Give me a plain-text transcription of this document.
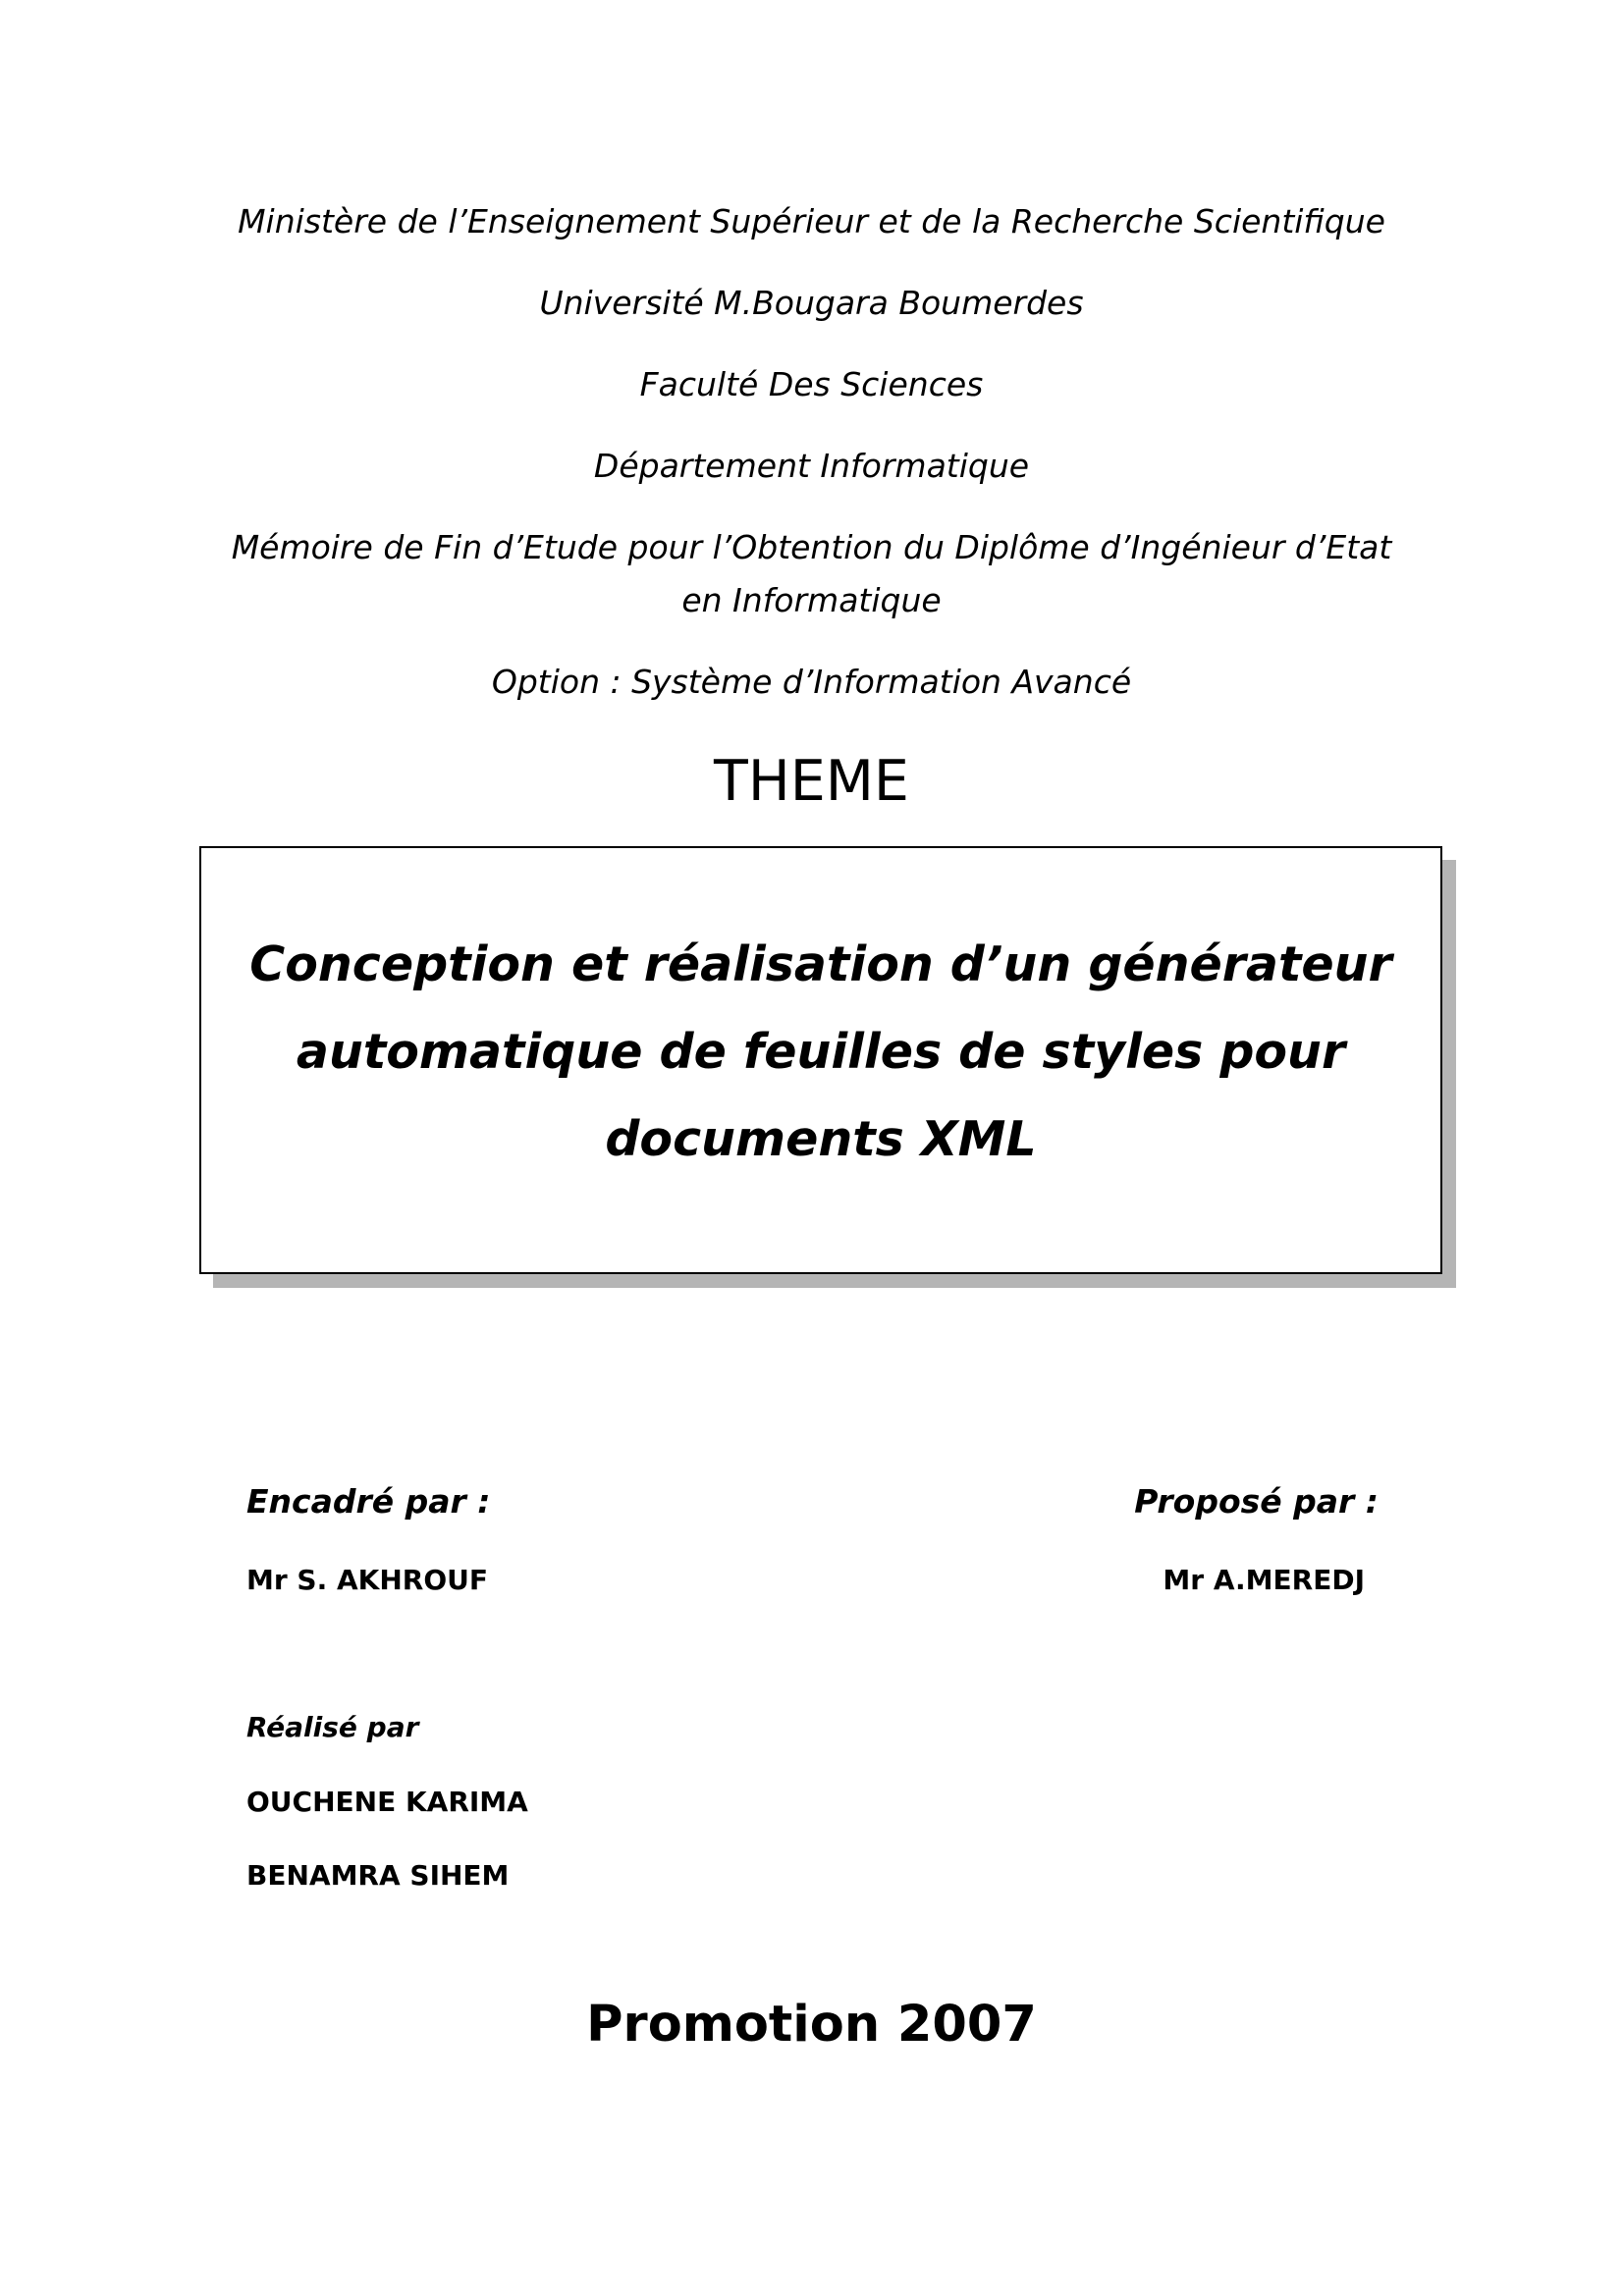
Ministère de l’Enseignement Supérieur et de la Recherche Scientifique
Université M.Bougara Boumerdes
Faculté Des Sciences
Département Informatique
Mémoire de Fin d’Etude pour l’Obtention du Diplôme d’Ingénieur d’Etat
en Informatique
Option : Système d’Information Avancé
THEME
Conception et réalisation d’un générateur
automatique de feuilles de styles pour
documents XML
Encadré par :	Proposé par :
Mr S. AKHROUF	Mr A.MEREDJ
Réalisé par
OUCHENE KARIMA
BENAMRA SIHEM
Promotion 2007
